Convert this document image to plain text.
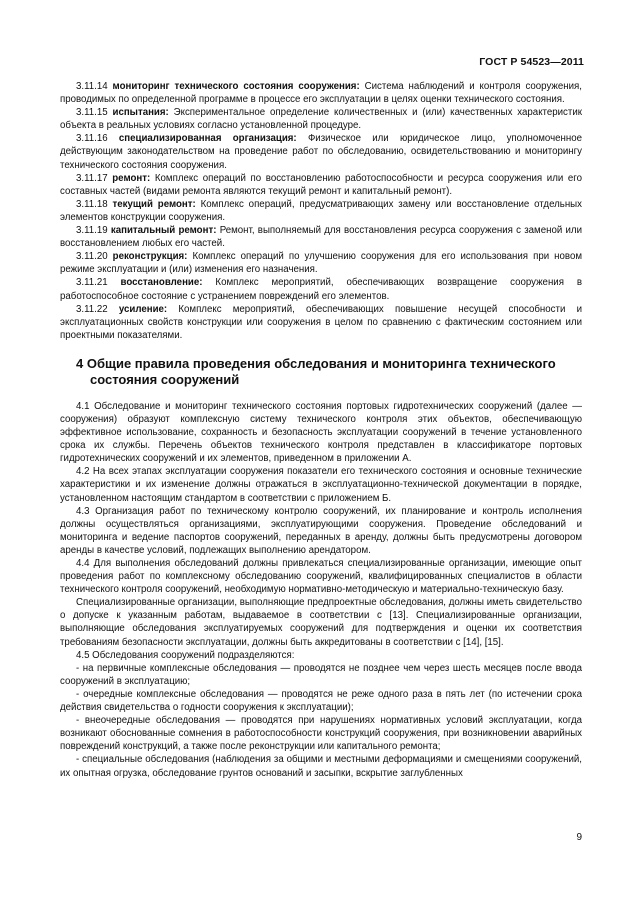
ГОСТ Р 54523—2011

3.11.14 мониторинг технического состояния сооружения: Система наблюдений и контроля сооружения, проводимых по определенной программе в процессе его эксплуатации в целях оценки технического состояния.

3.11.15 испытания: Экспериментальное определение количественных и (или) качественных характеристик объекта в реальных условиях согласно установленной процедуре.

3.11.16 специализированная организация: Физическое или юридическое лицо, уполномоченное действующим законодательством на проведение работ по обследованию, освидетельствованию и мониторингу технического состояния сооружения.

3.11.17 ремонт: Комплекс операций по восстановлению работоспособности и ресурса сооружения или его составных частей (видами ремонта являются текущий ремонт и капитальный ремонт).

3.11.18 текущий ремонт: Комплекс операций, предусматривающих замену или восстановление отдельных элементов конструкции сооружения.

3.11.19 капитальный ремонт: Ремонт, выполняемый для восстановления ресурса сооружения с заменой или восстановлением любых его частей.

3.11.20 реконструкция: Комплекс операций по улучшению сооружения для его использования при новом режиме эксплуатации и (или) изменения его назначения.

3.11.21 восстановление: Комплекс мероприятий, обеспечивающих возвращение сооружения в работоспособное состояние с устранением повреждений его элементов.

3.11.22 усиление: Комплекс мероприятий, обеспечивающих повышение несущей способности и эксплуатационных свойств конструкции или сооружения в целом по сравнению с фактическим состоянием или проектными показателями.

4 Общие правила проведения обследования и мониторинга технического
состояния сооружений

4.1 Обследование и мониторинг технического состояния портовых гидротехнических сооружений (далее — сооружения) образуют комплексную систему технического контроля этих объектов, обеспечивающую эффективное использование, сохранность и безопасность эксплуатации сооружений в течение установленного срока их службы. Перечень объектов технического контроля представлен в классификаторе портовых гидротехнических сооружений и их элементов, приведенном в приложении А.

4.2 На всех этапах эксплуатации сооружения показатели его технического состояния и основные технические характеристики и их изменение должны отражаться в эксплуатационно-технической документации в порядке, установленном настоящим стандартом в соответствии с приложением Б.

4.3 Организация работ по техническому контролю сооружений, их планирование и контроль исполнения должны осуществляться организациями, эксплуатирующими сооружения. Проведение обследований и мониторинга и ведение паспортов сооружений, переданных в аренду, должны быть предусмотрены договором аренды в качестве условий, подлежащих выполнению арендатором.

4.4 Для выполнения обследований должны привлекаться специализированные организации, имеющие опыт проведения работ по комплексному обследованию сооружений, квалифицированных специалистов в области технического контроля сооружений, необходимую нормативно-методическую и материально-техническую базу.

Специализированные организации, выполняющие предпроектные обследования, должны иметь свидетельство о допуске к указанным работам, выдаваемое в соответствии с [13]. Специализированные организации, выполняющие обследования эксплуатируемых сооружений для подтверждения и оценки их соответствия требованиям безопасности эксплуатации, должны быть аккредитованы в соответствии с [14], [15].

4.5 Обследования сооружений подразделяются:

- на первичные комплексные обследования — проводятся не позднее чем через шесть месяцев после ввода сооружений в эксплуатацию;

- очередные комплексные обследования — проводятся не реже одного раза в пять лет (по истечении срока действия свидетельства о годности сооружения к эксплуатации);

- внеочередные обследования — проводятся при нарушениях нормативных условий эксплуатации, когда возникают обоснованные сомнения в работоспособности конструкций сооружения, при возникновении аварийных повреждений конструкций, а также после реконструкции или капитального ремонта;

- специальные обследования (наблюдения за общими и местными деформациями и смещениями сооружений, их опытная огрузка, обследование грунтов оснований и засыпки, вскрытие заглубленных

9
